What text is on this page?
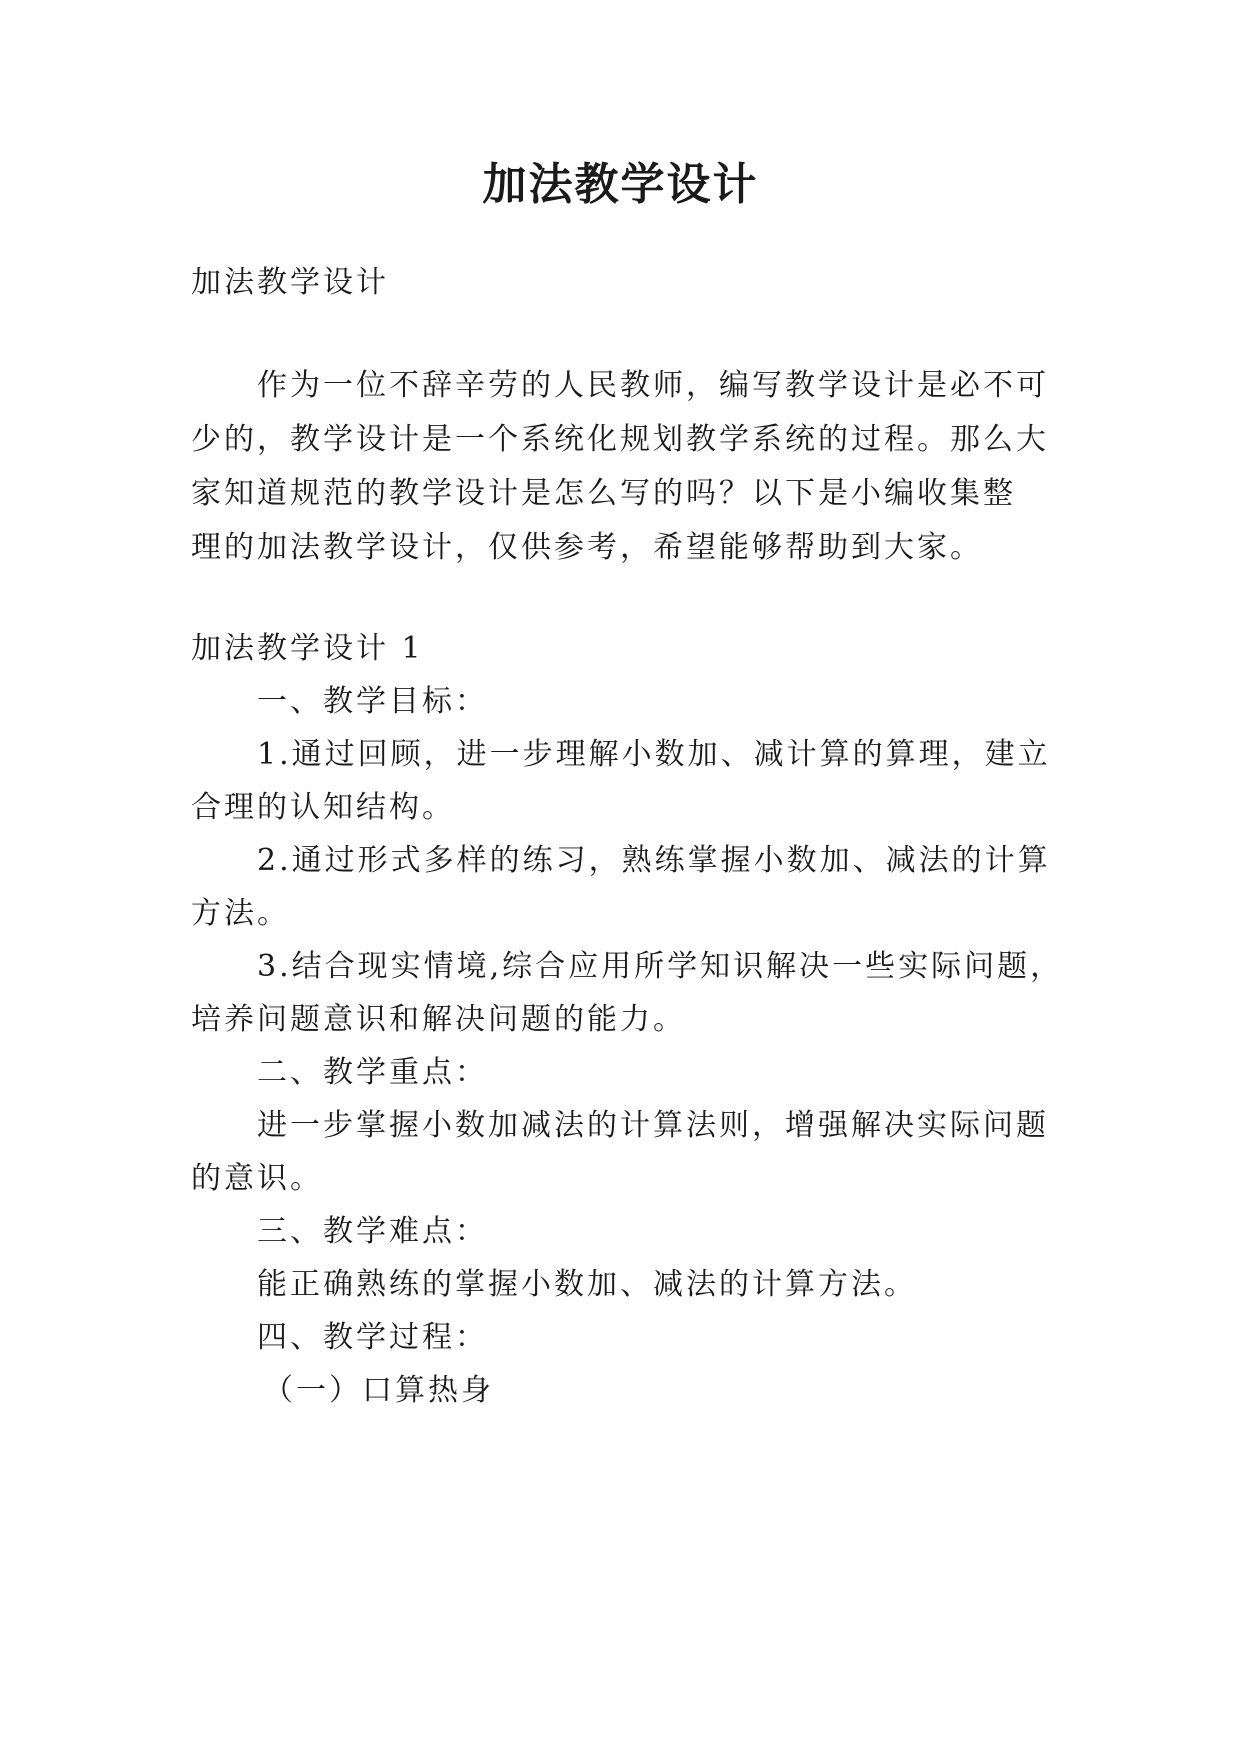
加法教学设计
加法教学设计
作为一位不辞辛劳的人民教师，编写教学设计是必不可
少的，教学设计是一个系统化规划教学系统的过程。那么大
家知道规范的教学设计是怎么写的吗？以下是小编收集整
理的加法教学设计，仅供参考，希望能够帮助到大家。
加法教学设计 1
一、教学目标：
1.通过回顾，进一步理解小数加、减计算的算理，建立
合理的认知结构。
2.通过形式多样的练习，熟练掌握小数加、减法的计算
方法。
3.结合现实情境,综合应用所学知识解决一些实际问题，
培养问题意识和解决问题的能力。
二、教学重点：
进一步掌握小数加减法的计算法则，增强解决实际问题
的意识。
三、教学难点：
能正确熟练的掌握小数加、减法的计算方法。
四、教学过程：
（一）口算热身
